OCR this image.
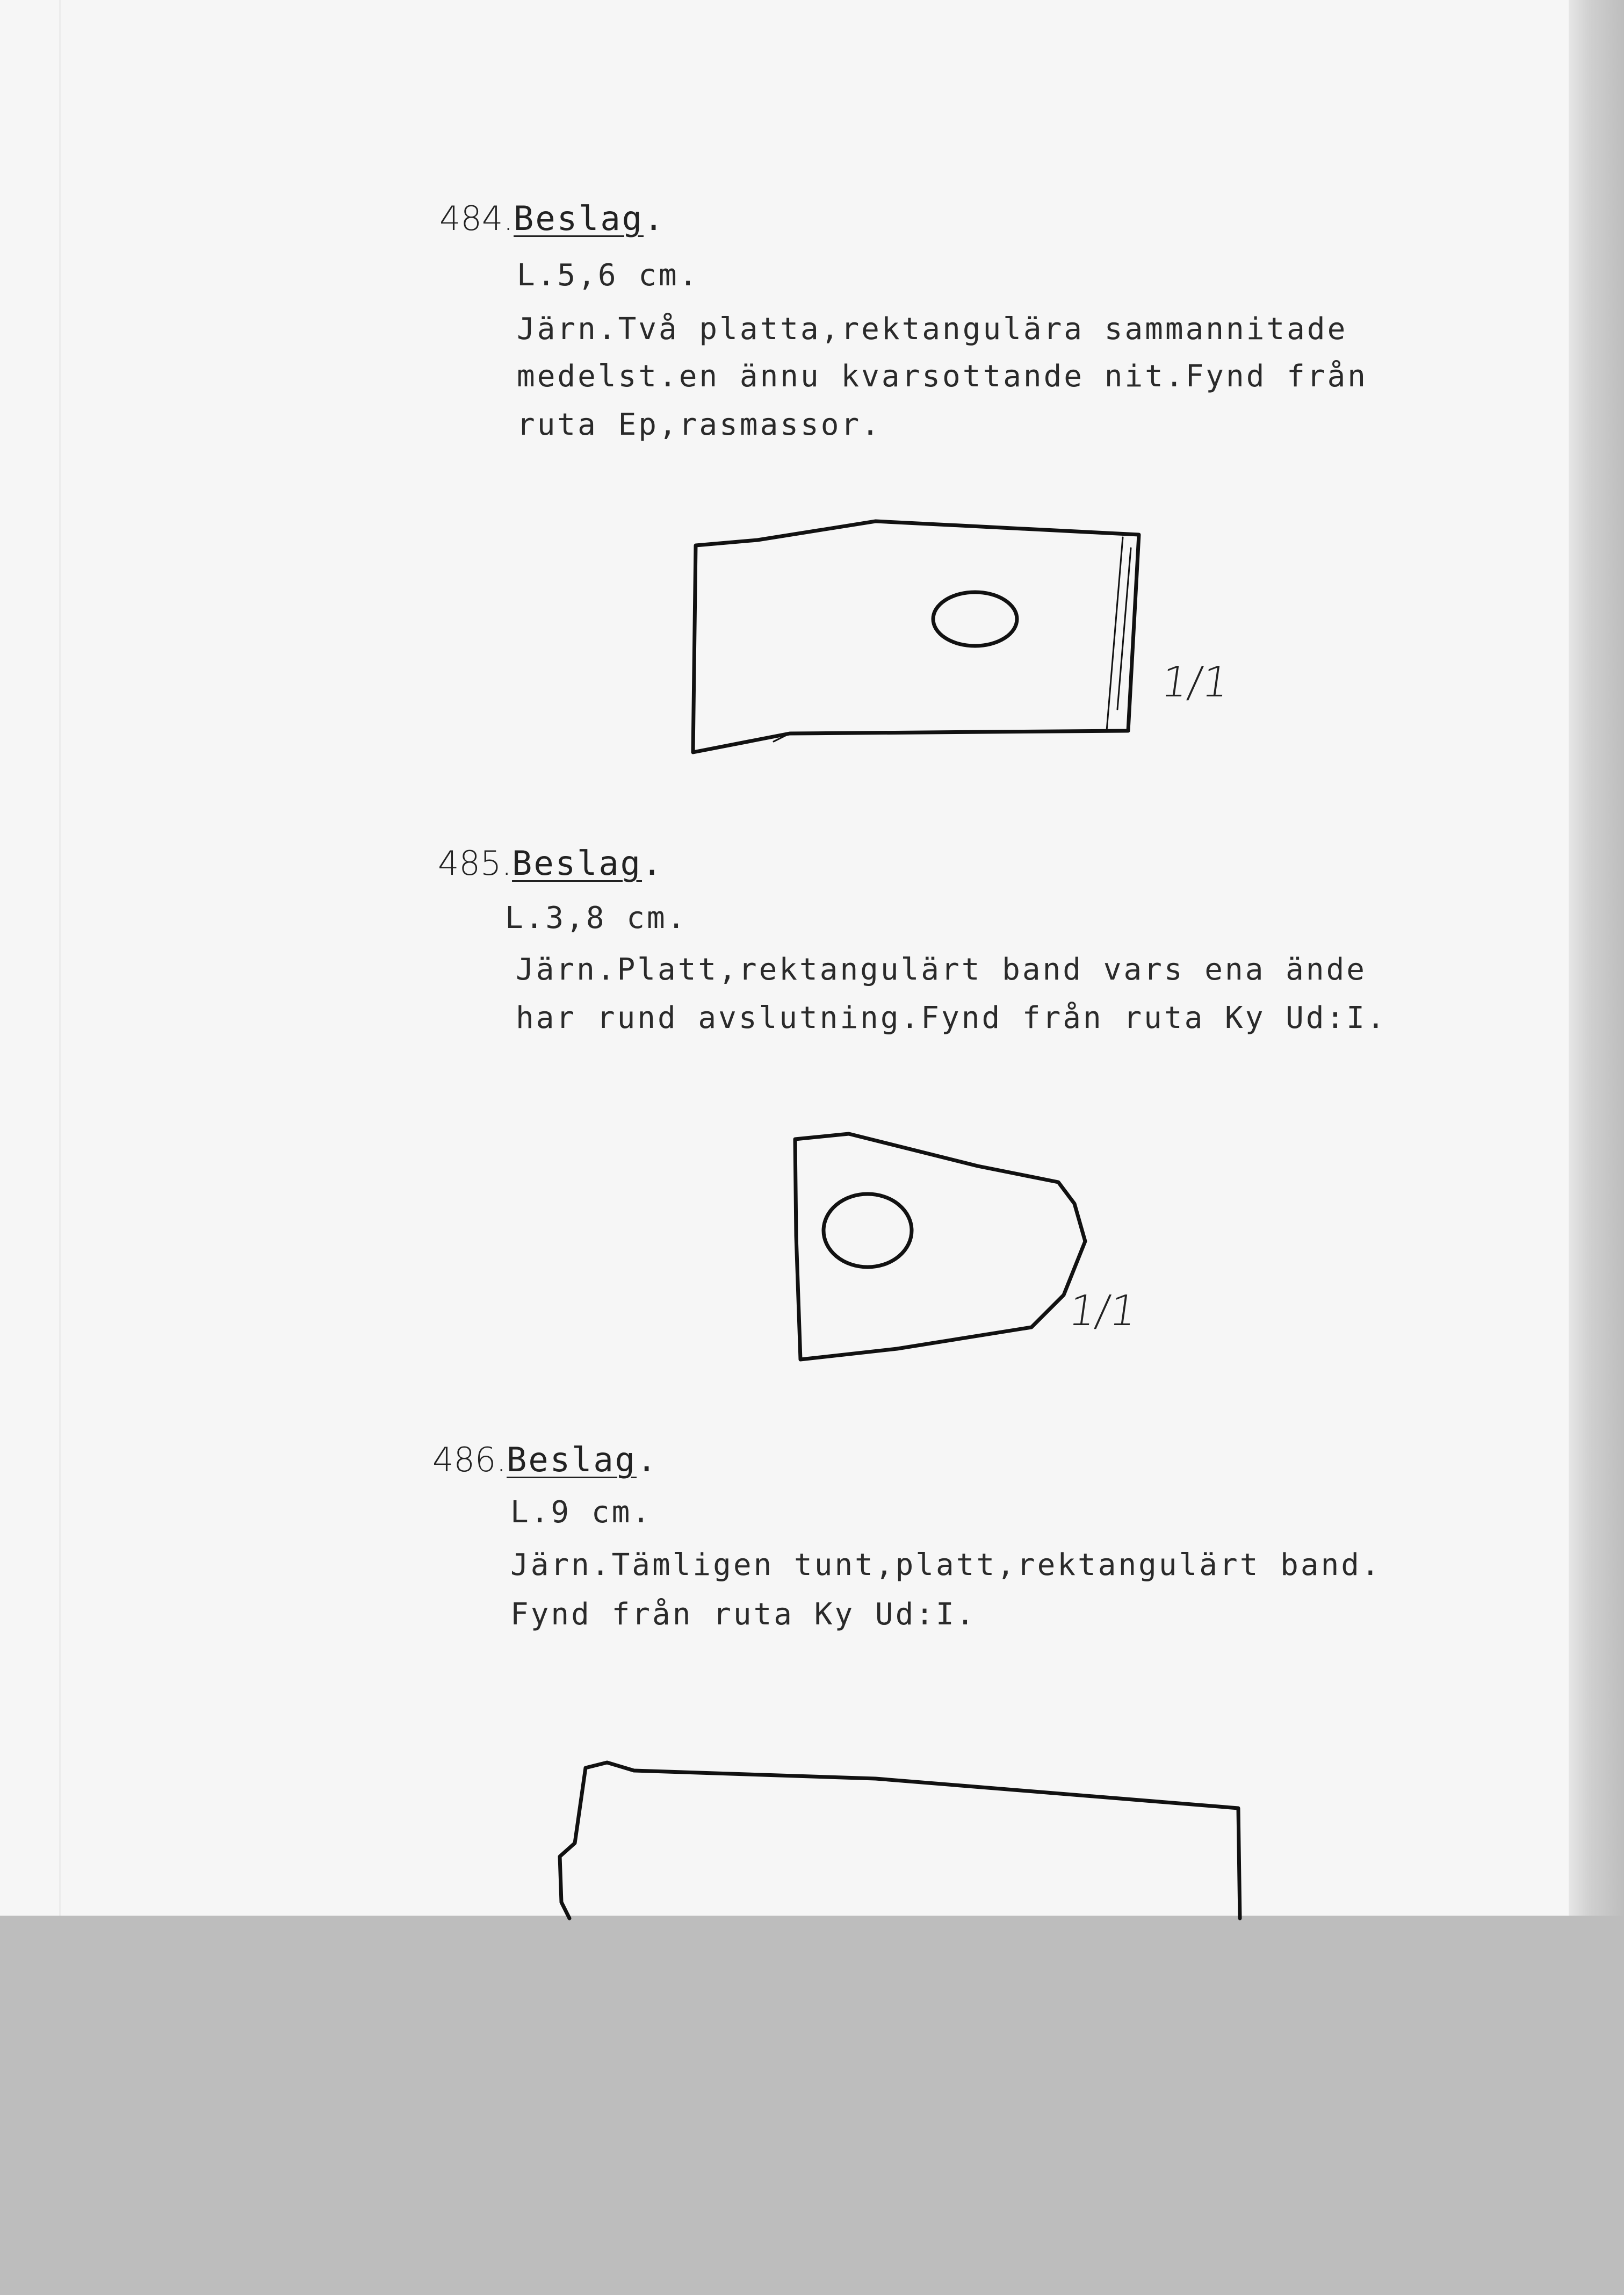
484.Beslag.
L.5,6 cm.
Järn.Två platta,rektangulära sammannitade
medelst.en ännu kvarsottande nit.Fynd från
ruta Ep,rasmassor.
1/1
485.Beslag.
L.3,8 cm.
Järn.Platt,rektangulärt band vars ena ände
har rund avslutning.Fynd från ruta Ky Ud:I.
1/1
486.Beslag.
L.9 cm.
Järn.Tämligen tunt,platt,rektangulärt band.
Fynd från ruta Ky Ud:I.
